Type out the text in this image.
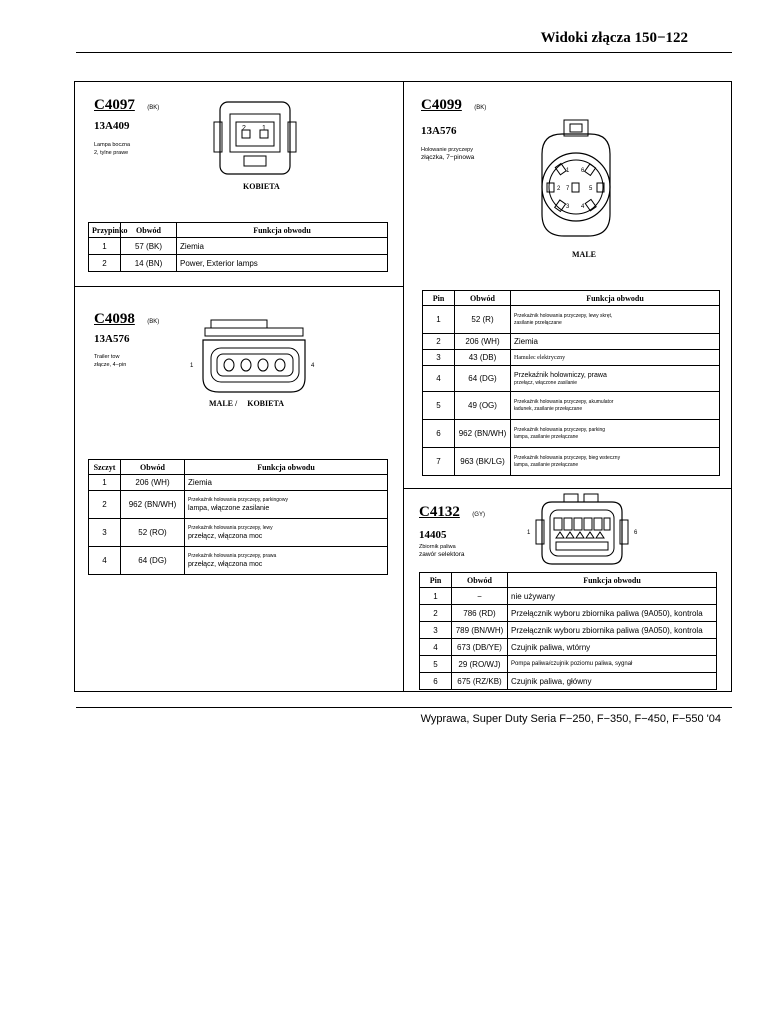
Widoki złącza 150−122
C4097 (BK)
13A409
Lampa boczna
2, tylne prawe
2 1
KOBIETA
Przypinko	Obwód	Funkcja obwodu
1	57 (BK)	Ziemia
2	14 (BN)	Power, Exterior lamps
C4098 (BK)
13A576
Trailer tow
złącze, 4−pin	1	4
MALE /     KOBIETA
Szczyt	Obwód	Funkcja obwodu
1	206 (WH)	Ziemia
2	962 (BN/WH)	Przekaźnik holowania przyczepy, parkingowy
lampa, włączone zasilanie

3	52 (RO)	Przekaźnik holowania przyczepy, lewy
przełącz, włączona moc

4	64 (DG)	Przekaźnik holowania przyczepy, prawa
przełącz, włączona moc
C4099 (BK)
13A576
Holowanie przyczepy
złączka, 7−pinowa
1 6
2 7	5
3 4
MALE
Pin	Obwód	Funkcja obwodu
1	52 (R)	Przekaźnik holowania przyczepy, lewy skręt,
zasilanie przełączane

2	206 (WH)	Ziemia
3	43 (DB)	Hamulec elektryczny
4	64 (DG)	Przekaźnik holowniczy, prawa
przełącz, włączone zasilanie

5	49 (OG)	Przekaźnik holowania przyczepy, akumulator
ładunek, zasilanie przełączane

6	962 (BN/WH)	Przekaźnik holowania przyczepy, parking
lampa, zasilanie przełączane

7	963 (BK/LG)	Przekaźnik holowania przyczepy, bieg wsteczny
lampa, zasilanie przełączane
C4132 (GY)
14405
Zbiornik paliwa
zawór selektora
1	6
Pin	Obwód	Funkcja obwodu
1	−	nie używany
2	786 (RD)	Przełącznik wyboru zbiornika paliwa (9A050), kontrola
3	789 (BN/WH)	Przełącznik wyboru zbiornika paliwa (9A050), kontrola
4	673 (DB/YE)	Czujnik paliwa, wtórny
5	29 (RO/WJ)	Pompa paliwa/czujnik poziomu paliwa, sygnał
6	675 (RZ/KB)	Czujnik paliwa, główny
Wyprawa, Super Duty Seria F−250, F−350, F−450, F−550 '04
